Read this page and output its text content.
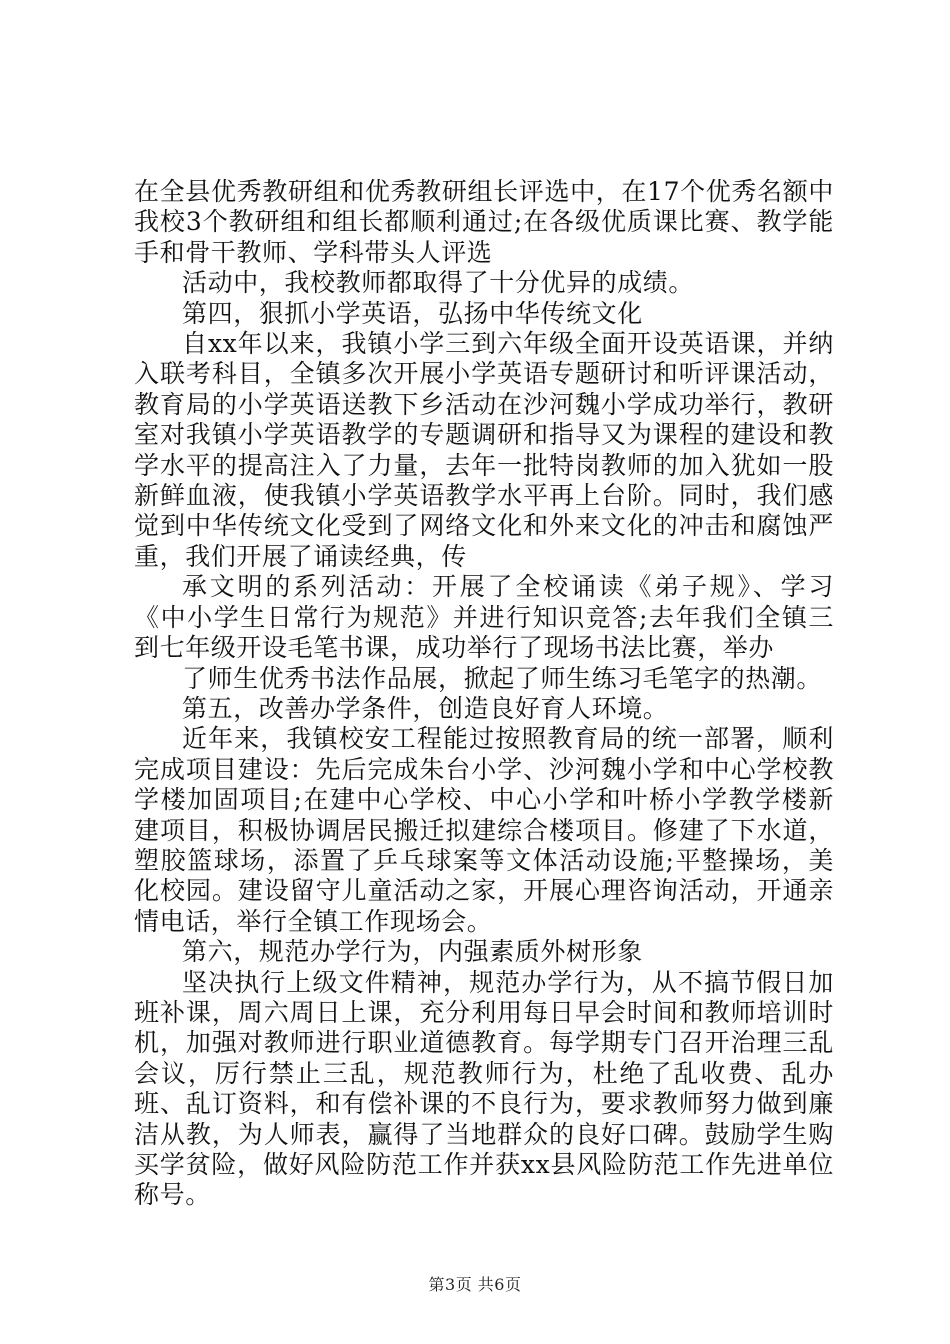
在全县优秀教研组和优秀教研组长评选中，在17个优秀名额中我校3个教研组和组长都顺利通过;在各级优质课比赛、教学能手和骨干教师、学科带头人评选

活动中，我校教师都取得了十分优异的成绩。

第四，狠抓小学英语，弘扬中华传统文化

自xx年以来，我镇小学三到六年级全面开设英语课，并纳入联考科目，全镇多次开展小学英语专题研讨和听评课活动，教育局的小学英语送教下乡活动在沙河魏小学成功举行，教研室对我镇小学英语教学的专题调研和指导又为课程的建设和教学水平的提高注入了力量，去年一批特岗教师的加入犹如一股新鲜血液，使我镇小学英语教学水平再上台阶。同时，我们感觉到中华传统文化受到了网络文化和外来文化的冲击和腐蚀严重，我们开展了诵读经典，传

承文明的系列活动：开展了全校诵读《弟子规》、学习《中小学生日常行为规范》并进行知识竞答;去年我们全镇三到七年级开设毛笔书课，成功举行了现场书法比赛，举办

了师生优秀书法作品展，掀起了师生练习毛笔字的热潮。

第五，改善办学条件，创造良好育人环境。

近年来，我镇校安工程能过按照教育局的统一部署，顺利完成项目建设：先后完成朱台小学、沙河魏小学和中心学校教学楼加固项目;在建中心学校、中心小学和叶桥小学教学楼新建项目，积极协调居民搬迁拟建综合楼项目。修建了下水道，塑胶篮球场，添置了乒乓球案等文体活动设施;平整操场，美化校园。建设留守儿童活动之家，开展心理咨询活动，开通亲情电话，举行全镇工作现场会。

第六，规范办学行为，内强素质外树形象

坚决执行上级文件精神，规范办学行为，从不搞节假日加班补课，周六周日上课，充分利用每日早会时间和教师培训时机，加强对教师进行职业道德教育。每学期专门召开治理三乱会议，厉行禁止三乱，规范教师行为，杜绝了乱收费、乱办班、乱订资料，和有偿补课的不良行为，要求教师努力做到廉洁从教，为人师表，赢得了当地群众的良好口碑。鼓励学生购买学贫险，做好风险防范工作并获xx县风险防范工作先进单位称号。

第3页 共6页
